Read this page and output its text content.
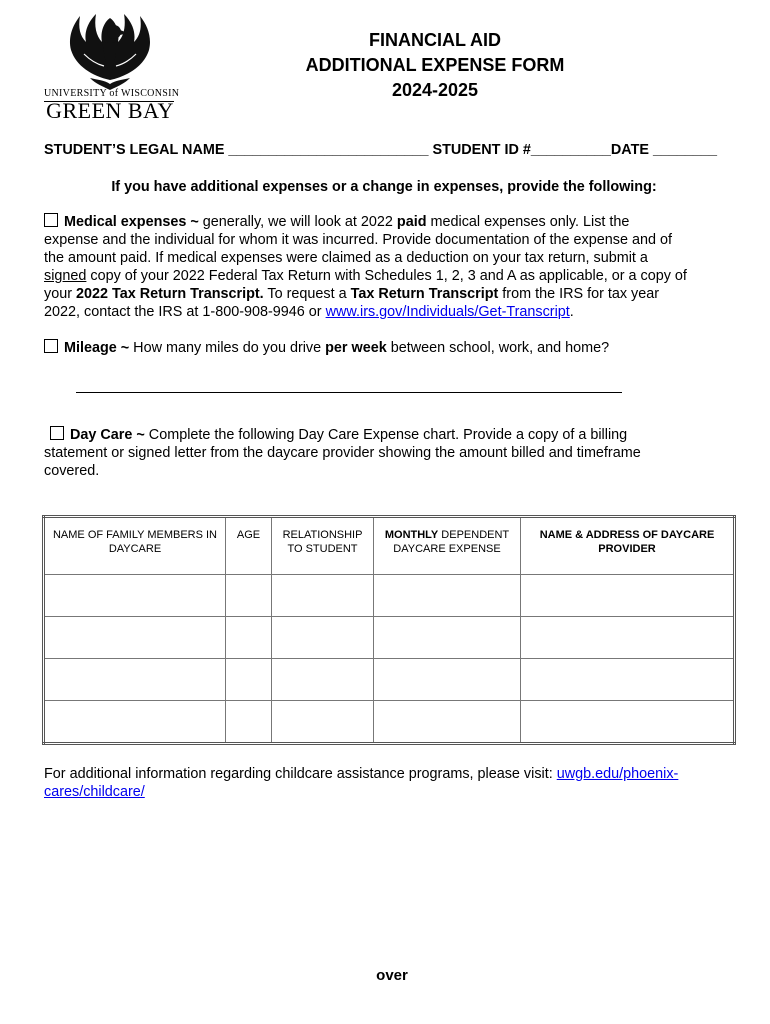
UNIVERSITY of WISCONSIN
GREEN BAY
FINANCIAL AID
ADDITIONAL EXPENSE FORM
2024-2025
STUDENT’S LEGAL NAME _________________________ STUDENT ID #__________DATE ________
If you have additional expenses or a change in expenses, provide the following:
Medical expenses ~ generally, we will look at 2022 paid medical expenses only. List the
expense and the individual for whom it was incurred. Provide documentation of the expense and of
the amount paid. If medical expenses were claimed as a deduction on your tax return, submit a
signed copy of your 2022 Federal Tax Return with Schedules 1, 2, 3 and A as applicable, or a copy of
your 2022 Tax Return Transcript. To request a Tax Return Transcript from the IRS for tax year
2022, contact the IRS at 1-800-908-9946 or www.irs.gov/Individuals/Get-Transcript.
Mileage ~ How many miles do you drive per week between school, work, and home?
Day Care ~ Complete the following Day Care Expense chart. Provide a copy of a billing
statement or signed letter from the daycare provider showing the amount billed and timeframe
covered.
NAME OF FAMILY MEMBERS IN DAYCARE	AGE	RELATIONSHIP TO STUDENT	MONTHLY DEPENDENT DAYCARE EXPENSE	NAME & ADDRESS OF DAYCARE PROVIDER

For additional information regarding childcare assistance programs, please visit: uwgb.edu/phoenix-
cares/childcare/
over
